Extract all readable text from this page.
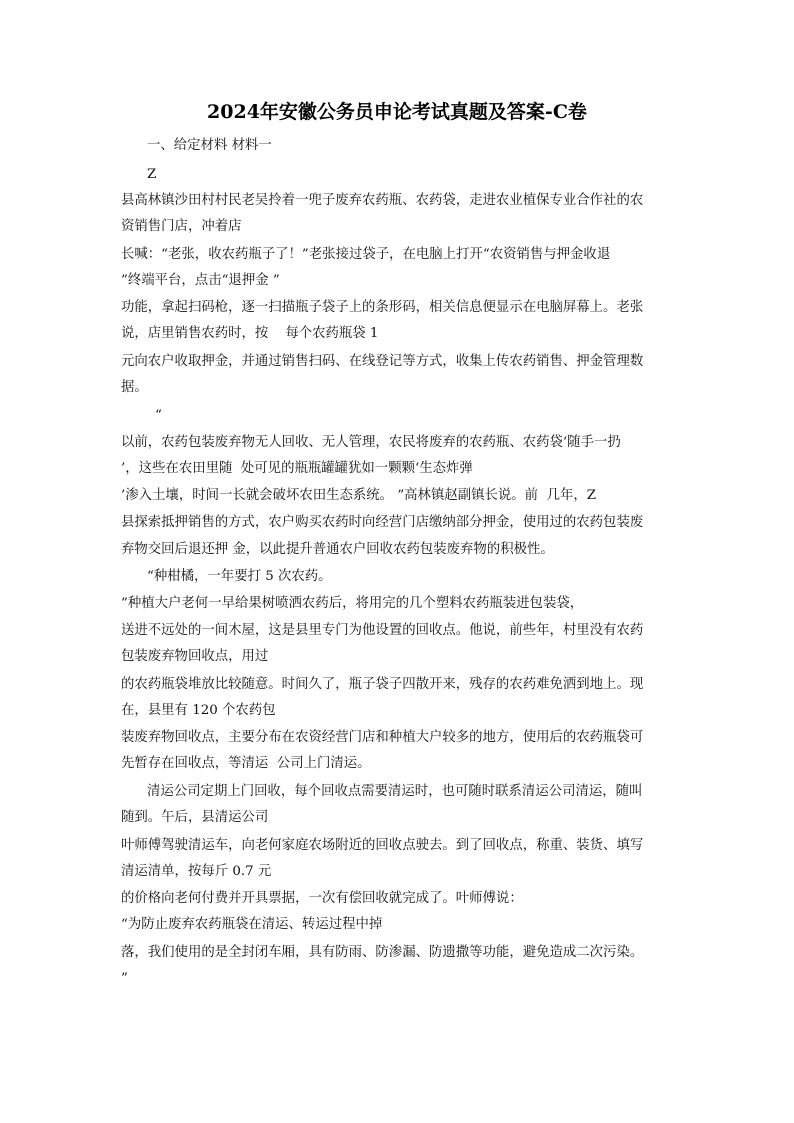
2024年安徽公务员申论考试真题及答案-C卷
一、给定材料 材料一
Z
县高林镇沙田村村民老吴拎着一兜子废弃农药瓶、农药袋，走进农业植保专业合作社的农
资销售门店，冲着店
长喊：“老张，收农药瓶子了！”老张接过袋子，在电脑上打开“农资销售与押金收退
”终端平台，点击“退押金 ”
功能，拿起扫码枪，逐一扫描瓶子袋子上的条形码，相关信息便显示在电脑屏幕上。老张
说，店里销售农药时，按    每个农药瓶袋 1
元向农户收取押金，并通过销售扫码、在线登记等方式，收集上传农药销售、押金管理数
据。
“
以前，农药包装废弃物无人回收、无人管理，农民将废弃的农药瓶、农药袋‘随手一扔
’，这些在农田里随  处可见的瓶瓶罐罐犹如一颗颗‘生态炸弹
’渗入土壤，时间一长就会破坏农田生态系统。 ”高林镇赵副镇长说。前  几年，Z
县探索抵押销售的方式，农户购买农药时向经营门店缴纳部分押金，使用过的农药包装废
弃物交回后退还押 金，以此提升普通农户回收农药包装废弃物的积极性。
“种柑橘，一年要打 5 次农药。
”种植大户老何一早给果树喷洒农药后，将用完的几个塑料农药瓶装进包装袋，
送进不远处的一间木屋，这是县里专门为他设置的回收点。他说，前些年，村里没有农药
包装废弃物回收点，用过
的农药瓶袋堆放比较随意。时间久了，瓶子袋子四散开来，残存的农药难免洒到地上。现
在，县里有 120 个农药包
装废弃物回收点，主要分布在农资经营门店和种植大户较多的地方，使用后的农药瓶袋可
先暂存在回收点，等清运  公司上门清运。
清运公司定期上门回收，每个回收点需要清运时，也可随时联系清运公司清运，随叫
随到。午后，县清运公司
叶师傅驾驶清运车，向老何家庭农场附近的回收点驶去。到了回收点，称重、装货、填写
清运清单，按每斤 0.7 元
的价格向老何付费并开具票据，一次有偿回收就完成了。叶师傅说：
“为防止废弃农药瓶袋在清运、转运过程中掉
落，我们使用的是全封闭车厢，具有防雨、防渗漏、防遗撒等功能，避免造成二次污染。
”
